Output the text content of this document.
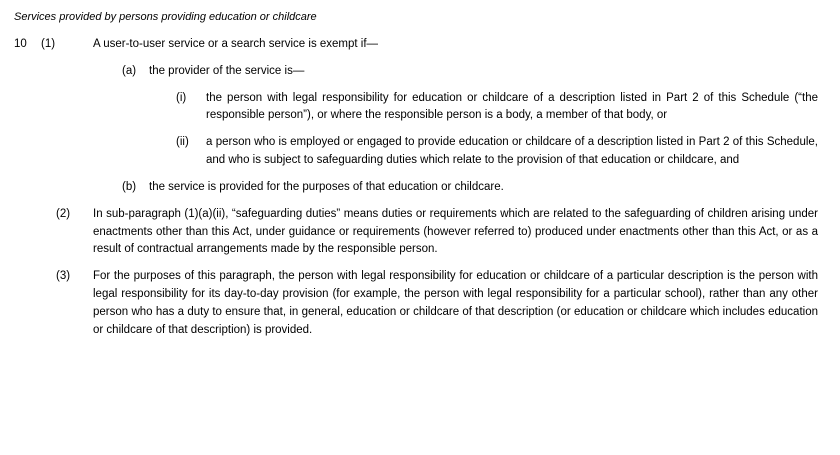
Services provided by persons providing education or childcare
10 (1)	A user-to-user service or a search service is exempt if—
(a) the provider of the service is—
(i) the person with legal responsibility for education or childcare of a description listed in Part 2 of this Schedule (“the responsible person”), or where the responsible person is a body, a member of that body, or
(ii) a person who is employed or engaged to provide education or childcare of a description listed in Part 2 of this Schedule, and who is subject to safeguarding duties which relate to the provision of that education or childcare, and
(b) the service is provided for the purposes of that education or childcare.
(2) In sub-paragraph (1)(a)(ii), “safeguarding duties” means duties or requirements which are related to the safeguarding of children arising under enactments other than this Act, under guidance or requirements (however referred to) produced under enactments other than this Act, or as a result of contractual arrangements made by the responsible person.
(3) For the purposes of this paragraph, the person with legal responsibility for education or childcare of a particular description is the person with legal responsibility for its day-to-day provision (for example, the person with legal responsibility for a particular school), rather than any other person who has a duty to ensure that, in general, education or childcare of that description (or education or childcare which includes education or childcare of that description) is provided.
